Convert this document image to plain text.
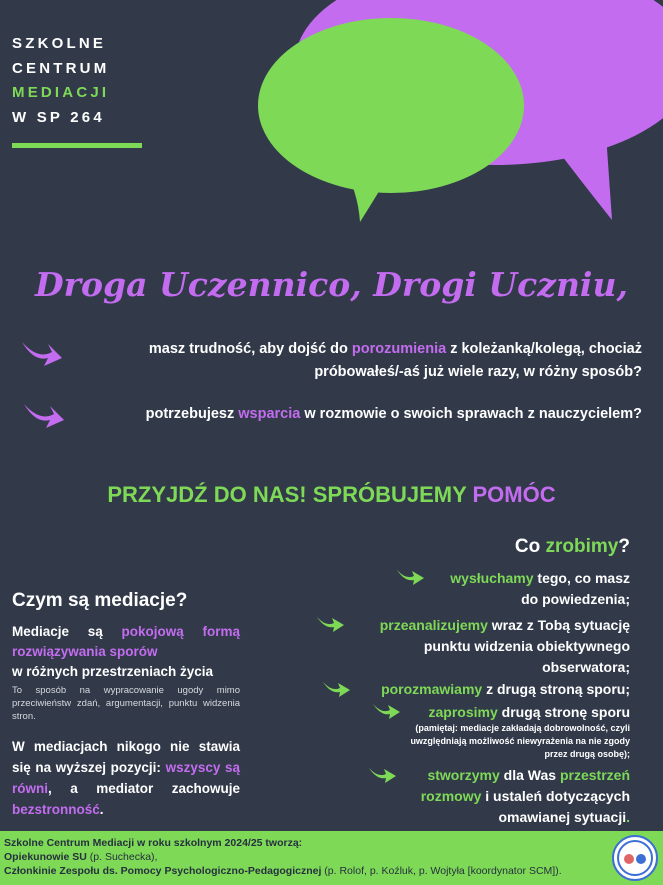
SZKOLNE
CENTRUM
MEDIACJI
W SP 264
Droga Uczennico, Drogi Uczniu,
masz trudność, aby dojść do porozumienia z koleżanką/kolegą, chociaż
próbowałeś/-aś już wiele razy, w różny sposób?
potrzebujesz wsparcia w rozmowie o swoich sprawach z nauczycielem?
PRZYJDŹ DO NAS! SPRÓBUJEMY POMÓC
Czym są mediacje?
Mediacje są pokojową formą
rozwiązywania sporów
w różnych przestrzeniach życia
To sposób na wypracowanie ugody mimo przeciwieństw zdań, argumentacji, punktu widzenia stron.
W mediacjach nikogo nie stawia się na wyższej pozycji: wszyscy są równi, a mediator zachowuje bezstronność.
Co zrobimy?
wysłuchamy tego, co masz
do powiedzenia;
przeanalizujemy wraz z Tobą sytuację
punktu widzenia obiektywnego
obserwatora;
porozmawiamy z drugą stroną sporu;
zaprosimy drugą stronę sporu
(pamiętaj: mediacje zakładają dobrowolność, czyli
uwzględniają możliwość niewyrażenia na nie zgody
przez drugą osobę);
stworzymy dla Was przestrzeń
rozmowy i ustaleń dotyczących
omawianej sytuacji.
Szkolne Centrum Mediacji w roku szkolnym 2024/25 tworzą:
Opiekunowie SU (p. Suchecka),
Członkinie Zespołu ds. Pomocy Psychologiczno-Pedagogicznej (p. Rolof, p. Koźluk, p. Wojtyła [koordynator SCM]).
